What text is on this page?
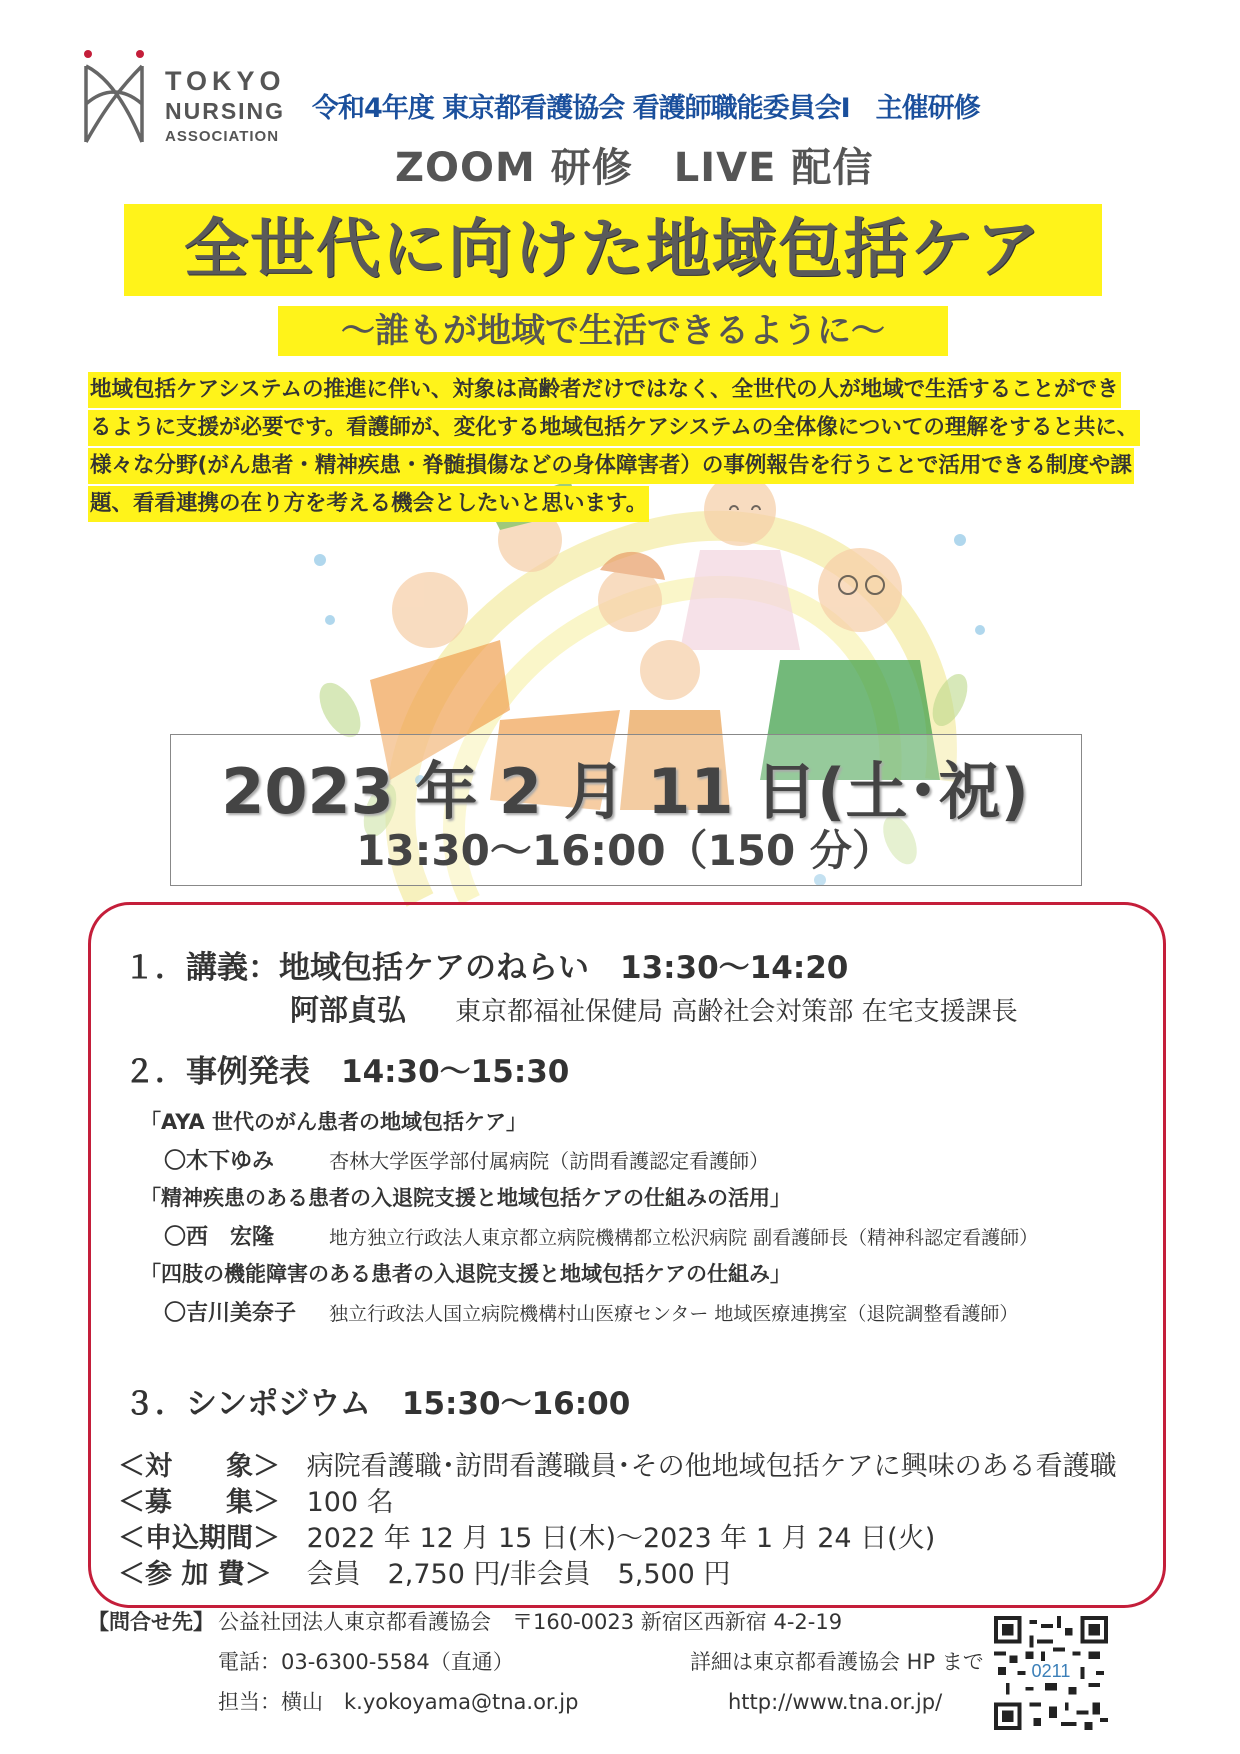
TOKYO
NURSING
ASSOCIATION
令和4年度 東京都看護協会 看護師職能委員会Ⅰ　主催研修
ZOOM 研修　LIVE 配信
全世代に向けた地域包括ケア
～誰もが地域で生活できるように～
地域包括ケアシステムの推進に伴い、対象は高齢者だけではなく、全世代の人が地域で生活することができ
るように支援が必要です。看護師が、変化する地域包括ケアシステムの全体像についての理解をすると共に、
様々な分野(がん患者・精神疾患・脊髄損傷などの身体障害者）の事例報告を行うことで活用できる制度や課
題、看看連携の在り方を考える機会としたいと思います。
2023 年 2 月 11 日(土･祝)
13:30～16:00（150 分）
１．講義：地域包括ケアのねらい　13:30～14:20
阿部貞弘 東京都福祉保健局 高齢社会対策部 在宅支援課長
２．事例発表　14:30～15:30
「AYA 世代のがん患者の地域包括ケア」
〇木下ゆみ	杏林大学医学部付属病院（訪問看護認定看護師）
「精神疾患のある患者の入退院支援と地域包括ケアの仕組みの活用」
〇西　宏隆	地方独立行政法人東京都立病院機構都立松沢病院 副看護師長（精神科認定看護師）
「四肢の機能障害のある患者の入退院支援と地域包括ケアの仕組み」
〇吉川美奈子 独立行政法人国立病院機構村山医療センター 地域医療連携室（退院調整看護師）
３．シンポジウム　15:30～16:00
＜対　　象＞ 病院看護職･訪問看護職員･その他地域包括ケアに興味のある看護職
＜募　　集＞ 100 名
＜申込期間＞ 2022 年 12 月 15 日(木)～2023 年 1 月 24 日(火)
＜参 加 費＞ 会員　2,750 円/非会員　5,500 円
【問合せ先】 公益社団法人東京都看護協会　〒160-0023 新宿区西新宿 4-2-19
電話：03-6300-5584（直通）
担当：横山　k.yokoyama@tna.or.jp
詳細は東京都看護協会 HP まで
http://www.tna.or.jp/
0211
